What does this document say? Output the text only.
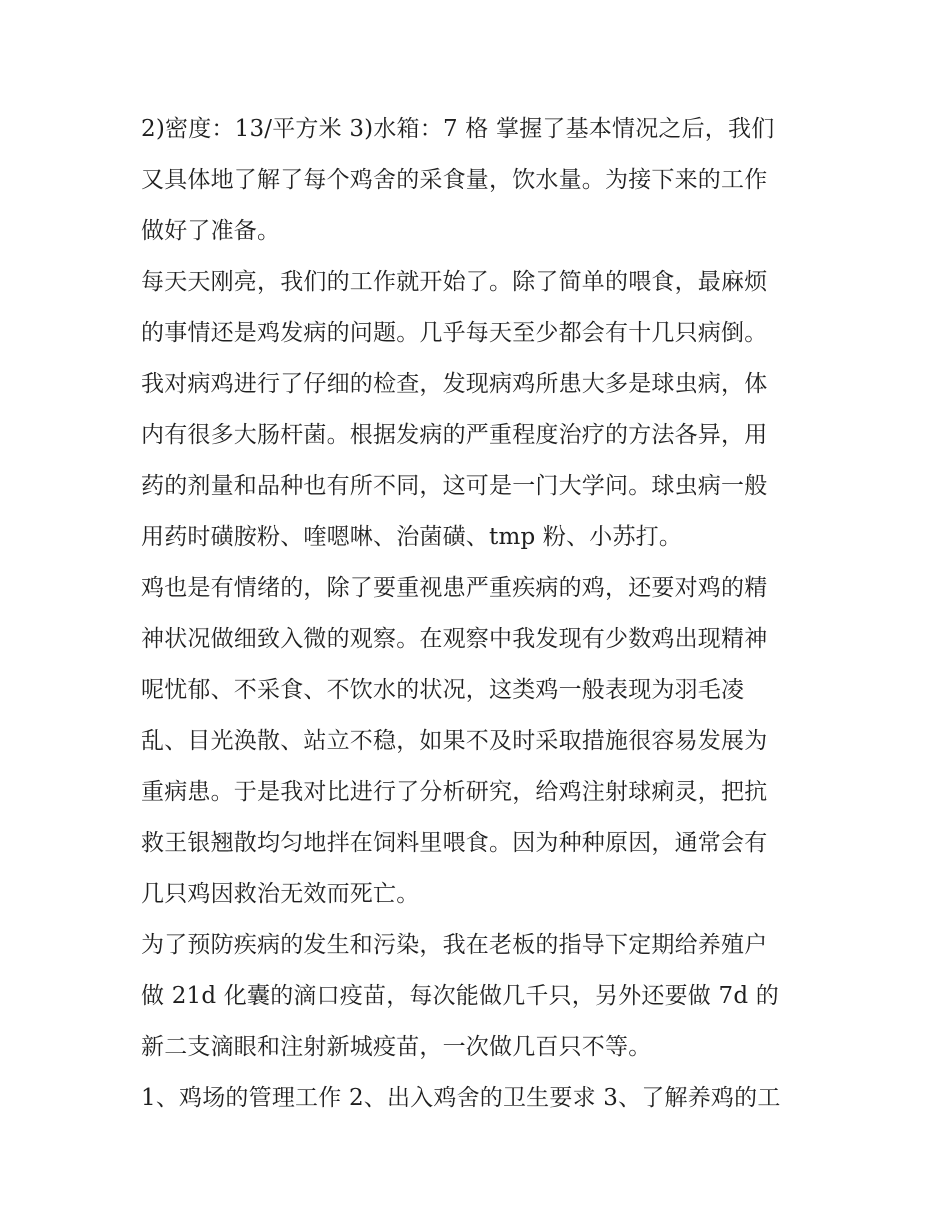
2)密度：13/平方米 3)水箱：7 格 掌握了基本情况之后，我们
又具体地了解了每个鸡舍的采食量，饮水量。为接下来的工作
做好了准备。
每天天刚亮，我们的工作就开始了。除了简单的喂食，最麻烦
的事情还是鸡发病的问题。几乎每天至少都会有十几只病倒。
我对病鸡进行了仔细的检查，发现病鸡所患大多是球虫病，体
内有很多大肠杆菌。根据发病的严重程度治疗的方法各异，用
药的剂量和品种也有所不同，这可是一门大学问。球虫病一般
用药时磺胺粉、喹嗯啉、治菌磺、tmp 粉、小苏打。
鸡也是有情绪的，除了要重视患严重疾病的鸡，还要对鸡的精
神状况做细致入微的观察。在观察中我发现有少数鸡出现精神
呢忧郁、不采食、不饮水的状况，这类鸡一般表现为羽毛凌
乱、目光涣散、站立不稳，如果不及时采取措施很容易发展为
重病患。于是我对比进行了分析研究，给鸡注射球痢灵，把抗
救王银翘散均匀地拌在饲料里喂食。因为种种原因，通常会有
几只鸡因救治无效而死亡。
为了预防疾病的发生和污染，我在老板的指导下定期给养殖户
做 21d 化囊的滴口疫苗，每次能做几千只，另外还要做 7d 的
新二支滴眼和注射新城疫苗，一次做几百只不等。
1、鸡场的管理工作 2、出入鸡舍的卫生要求 3、了解养鸡的工
